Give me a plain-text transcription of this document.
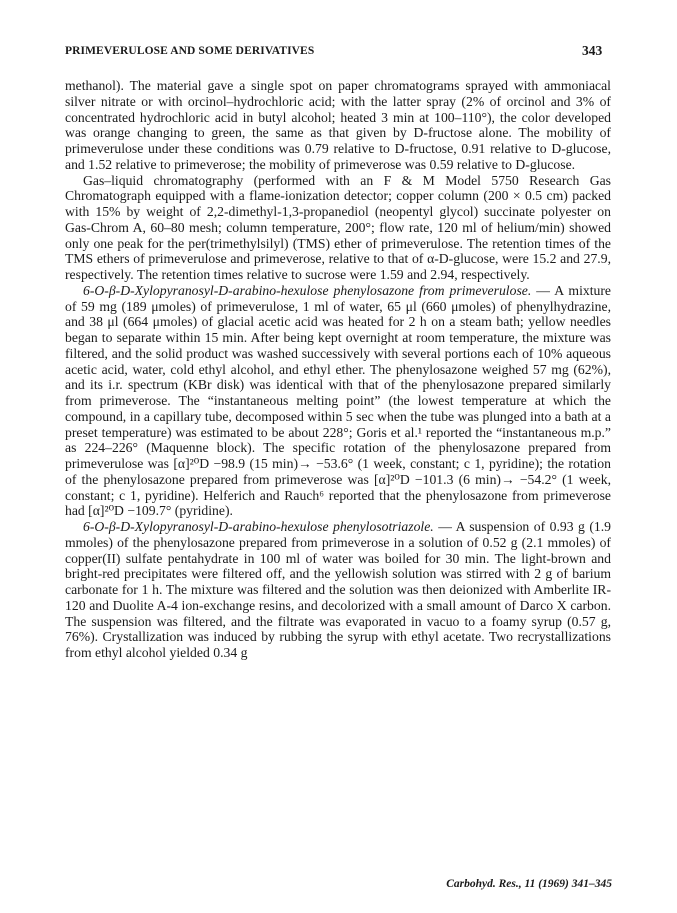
PRIMEVERULOSE AND SOME DERIVATIVES	343

methanol). The material gave a single spot on paper chromatograms sprayed with ammoniacal silver nitrate or with orcinol–hydrochloric acid; with the latter spray (2% of orcinol and 3% of concentrated hydrochloric acid in butyl alcohol; heated 3 min at 100–110°), the color developed was orange changing to green, the same as that given by D-fructose alone. The mobility of primeverulose under these conditions was 0.79 relative to D-fructose, 0.91 relative to D-glucose, and 1.52 relative to primeverose; the mobility of primeverose was 0.59 relative to D-glucose.

Gas–liquid chromatography (performed with an F & M Model 5750 Research Gas Chromatograph equipped with a flame-ionization detector; copper column (200 × 0.5 cm) packed with 15% by weight of 2,2-dimethyl-1,3-propanediol (neopentyl glycol) succinate polyester on Gas-Chrom A, 60–80 mesh; column temperature, 200°; flow rate, 120 ml of helium/min) showed only one peak for the per(trimethylsilyl) (TMS) ether of primeverulose. The retention times of the TMS ethers of primeverulose and primeverose, relative to that of α-D-glucose, were 15.2 and 27.9, respectively. The retention times relative to sucrose were 1.59 and 2.94, respectively.

6-O-β-D-Xylopyranosyl-D-arabino-hexulose phenylosazone from primeverulose. — A mixture of 59 mg (189 μmoles) of primeverulose, 1 ml of water, 65 μl (660 μmoles) of phenylhydrazine, and 38 μl (664 μmoles) of glacial acetic acid was heated for 2 h on a steam bath; yellow needles began to separate within 15 min. After being kept overnight at room temperature, the mixture was filtered, and the solid product was washed successively with several portions each of 10% aqueous acetic acid, water, cold ethyl alcohol, and ethyl ether. The phenylosazone weighed 57 mg (62%), and its i.r. spectrum (KBr disk) was identical with that of the phenylosazone prepared similarly from primeverose. The “instantaneous melting point” (the lowest temperature at which the compound, in a capillary tube, decomposed within 5 sec when the tube was plunged into a bath at a preset temperature) was estimated to be about 228°; Goris et al.¹ reported the “instantaneous m.p.” as 224–226° (Maquenne block). The specific rotation of the phenylosazone prepared from primeverulose was [α]²⁰D −98.9 (15 min)→ −53.6° (1 week, constant; c 1, pyridine); the rotation of the phenylosazone prepared from primeverose was [α]²⁰D −101.3 (6 min)→ −54.2° (1 week, constant; c 1, pyridine). Helferich and Rauch⁶ reported that the phenylosazone from primeverose had [α]²⁰D −109.7° (pyridine).

6-O-β-D-Xylopyranosyl-D-arabino-hexulose phenylosotriazole. — A suspension of 0.93 g (1.9 mmoles) of the phenylosazone prepared from primeverose in a solution of 0.52 g (2.1 mmoles) of copper(II) sulfate pentahydrate in 100 ml of water was boiled for 30 min. The light-brown and bright-red precipitates were filtered off, and the yellowish solution was stirred with 2 g of barium carbonate for 1 h. The mixture was filtered and the solution was then deionized with Amberlite IR-120 and Duolite A-4 ion-exchange resins, and decolorized with a small amount of Darco X carbon. The suspension was filtered, and the filtrate was evaporated in vacuo to a foamy syrup (0.57 g, 76%). Crystallization was induced by rubbing the syrup with ethyl acetate. Two recrystallizations from ethyl alcohol yielded 0.34 g

Carbohyd. Res., 11 (1969) 341–345
